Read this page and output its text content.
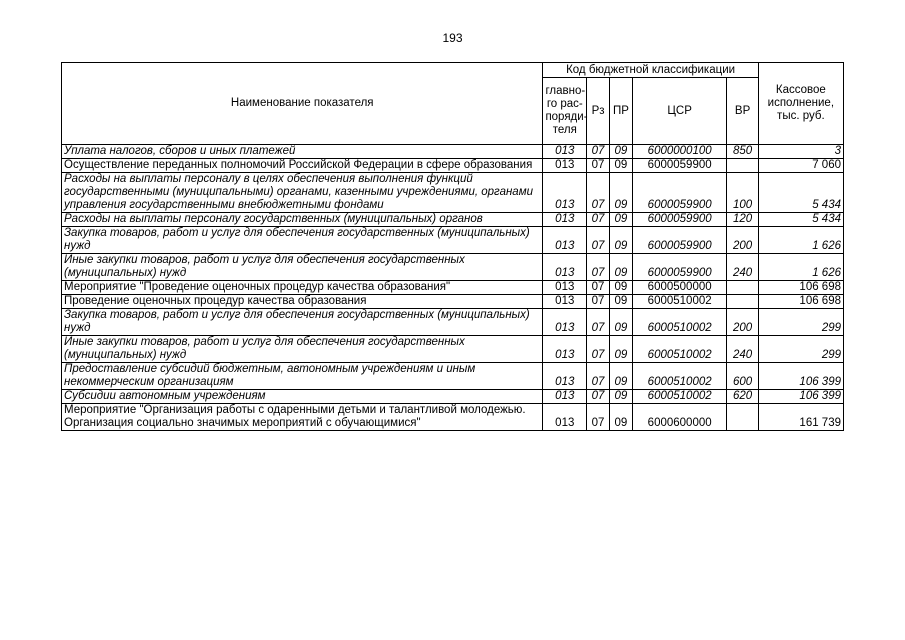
193
Наименование показателя	Код бюджетной классификации					Кассовое исполнение, тыс. руб.
	главно-го рас-поряди-теля	Рз	ПР	ЦСР	ВР	
Уплата налогов, сборов и иных платежей	013	07	09	6000000100	850	3
Осуществление переданных полномочий Российской Федерации в сфере образования	013	07	09	6000059900		7 060
Расходы на выплаты персоналу в целях обеспечения выполнения функций государственными (муниципальными) органами, казенными учреждениями, органами управления государственными внебюджетными фондами	013	07	09	6000059900	100	5 434
Расходы на выплаты персоналу государственных (муниципальных) органов	013	07	09	6000059900	120	5 434
Закупка товаров, работ и услуг для обеспечения государственных (муниципальных) нужд	013	07	09	6000059900	200	1 626
Иные закупки товаров, работ и услуг для обеспечения государственных (муниципальных) нужд	013	07	09	6000059900	240	1 626
Мероприятие "Проведение оценочных процедур качества образования"	013	07	09	6000500000		106 698
Проведение оценочных процедур качества образования	013	07	09	6000510002		106 698
Закупка товаров, работ и услуг для обеспечения государственных (муниципальных) нужд	013	07	09	6000510002	200	299
Иные закупки товаров, работ и услуг для обеспечения государственных (муниципальных) нужд	013	07	09	6000510002	240	299
Предоставление субсидий бюджетным, автономным учреждениям и иным некоммерческим организациям	013	07	09	6000510002	600	106 399
Субсидии автономным учреждениям	013	07	09	6000510002	620	106 399
Мероприятие "Организация работы с одаренными детьми и талантливой молодежью. Организация социально значимых мероприятий с обучающимися"	013	07	09	6000600000		161 739
